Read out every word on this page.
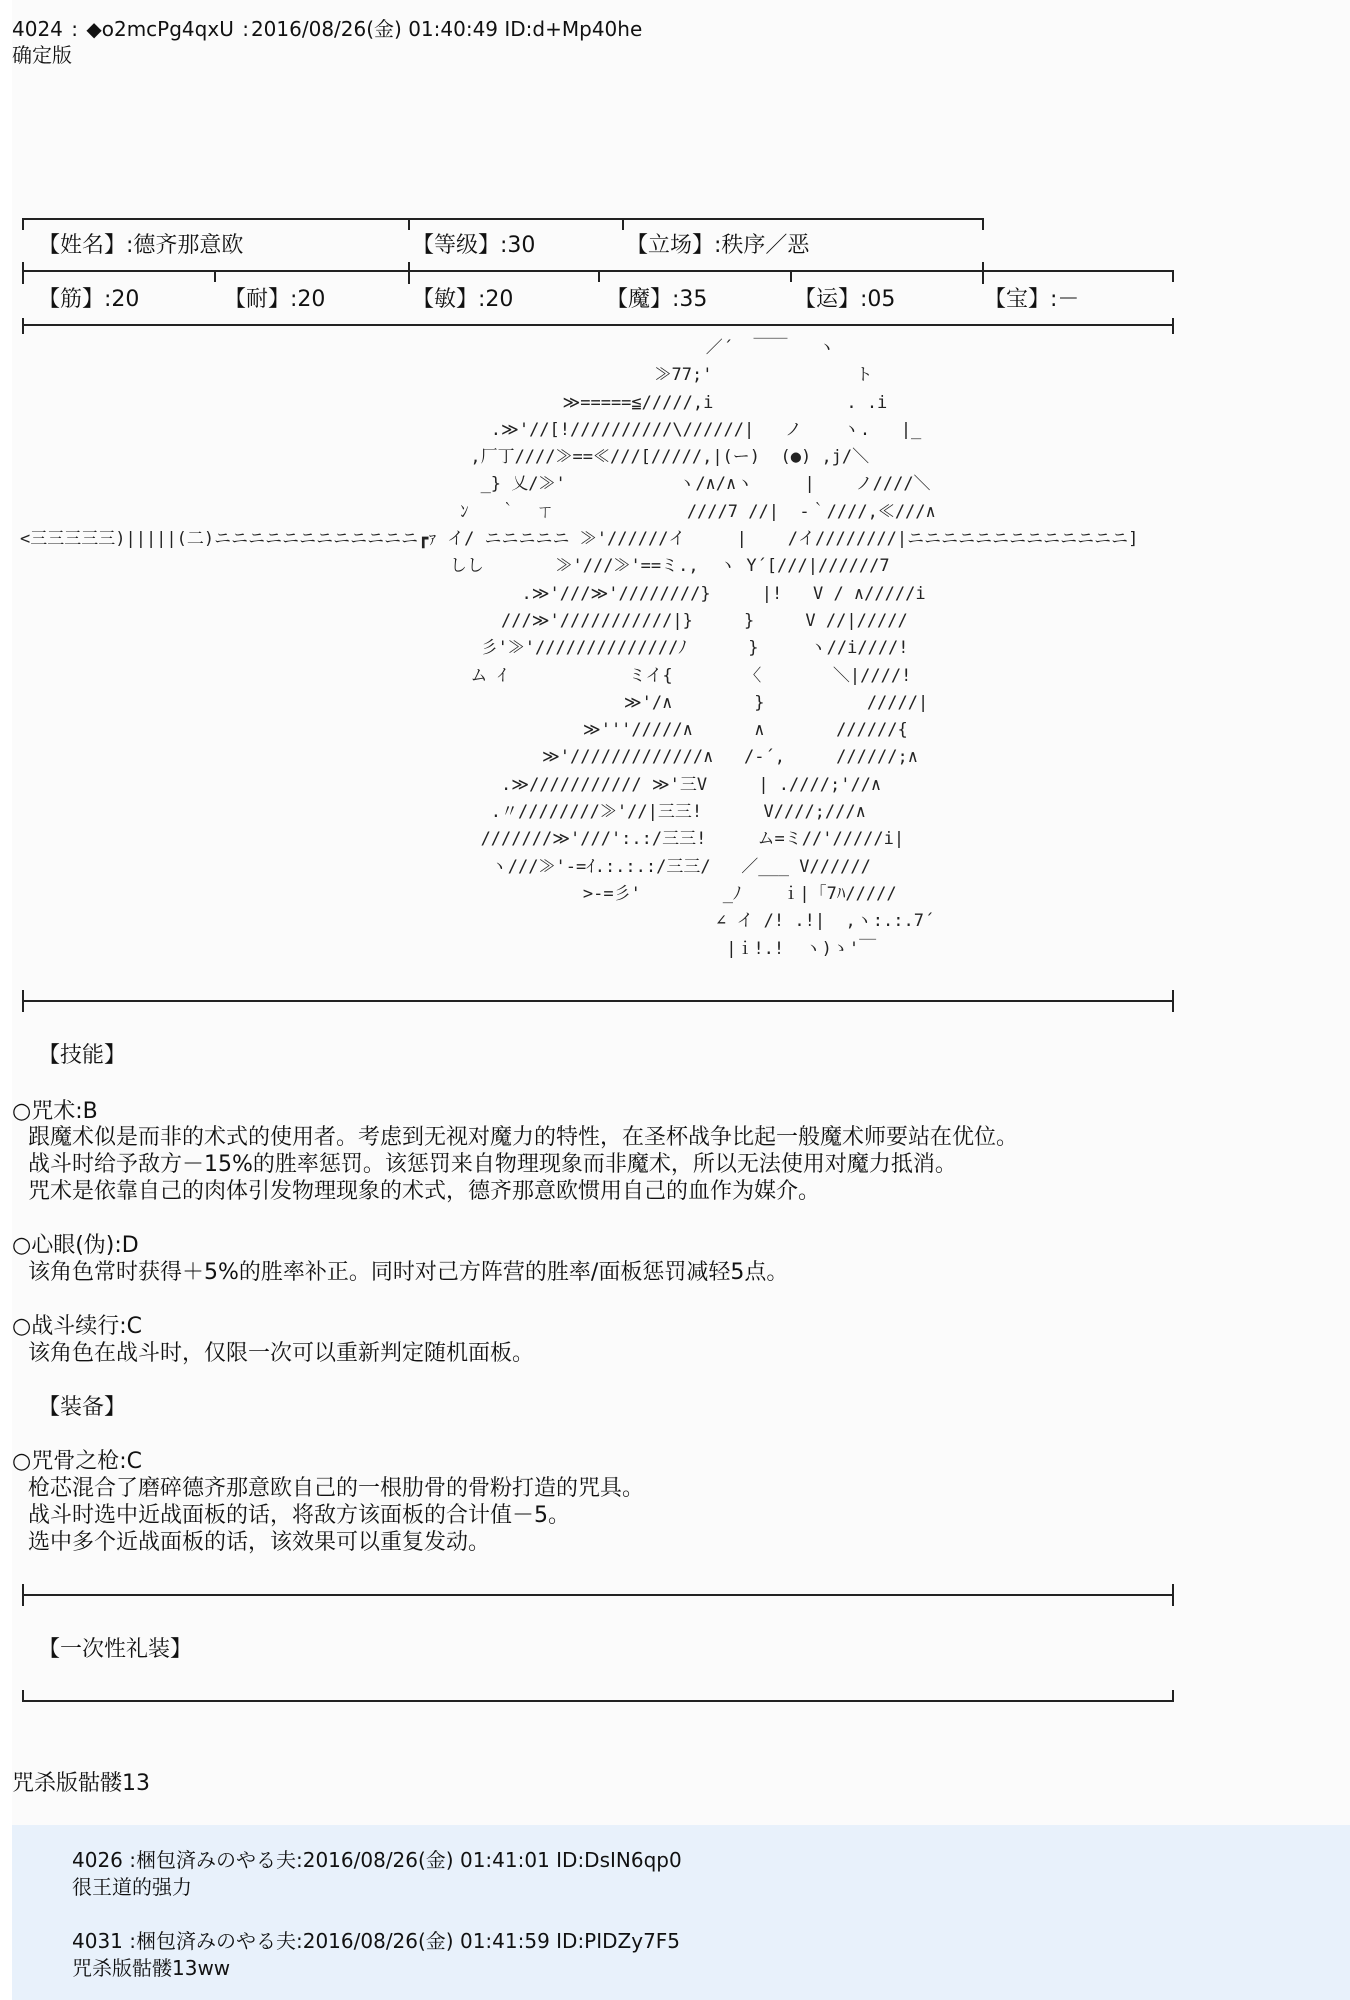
4024 : ◆o2mcPg4qxU : 2016/08/26(金) 01:40:49 ID:d+Mp40he
确定版
【姓名】:德齐那意欧	【等级】:30	【立场】:秩序／恶
【筋】:20	【耐】:20	【敏】:20	【魔】:35	【运】:05	【宝】:－
／´  ￣￣   ヽ
≫77;'              ト
≫=====≦/////,i             . .i
.≫'//[!//////////\//////|   ノ    ヽ.   |_
,厂丁////≫==≪///[/////,|(ー)  (●) ,j/＼
_} 乂/≫'           ヽ/∧/∧ヽ     |    ノ////＼
ﾝ   ｀  ㄒ             ////7 //|  -｀////,≪///∧
<三三三三三)|||||(二)ニニニニニニニニニニニニ┏ｧ イ/ ニニニニニ ≫'//////イ     |    /イ////////|ニニニニニニニニニニニニニ]
しし       ≫'///≫'==ミ.,  ヽ Y´[///|//////7
.≫'///≫'////////}     |!   V / ∧/////i
///≫'///////////|}     }     V //|/////
彡'≫'//////////////ﾉ      }     ヽ//i////!
ム ｲ            ミイ{       〈       ＼|////!
≫'/∧        }          /////|
≫'''/////∧      ∧       //////{
≫'/////////////∧   /-´,     //////;∧
.≫/////////// ≫'三V     | .////;'//∧
.〃////////≫'//|三三!      V////;///∧
///////≫'///':.:/三三!     ム=ミ//'/////i|
ヽ///≫'-=ｲ.:.:.:/三三/   ／___ V//////
>-=彡'        _ﾉ    ｉ|「7ﾊ/////
∠ イ /! .!|  ,ヽ:.:.7´
|ｉ!.!  ヽ)ゝ'￣
【技能】
○咒术:B
跟魔术似是而非的术式的使用者。考虑到无视对魔力的特性，在圣杯战争比起一般魔术师要站在优位。
战斗时给予敌方－15%的胜率惩罚。该惩罚来自物理现象而非魔术，所以无法使用对魔力抵消。
咒术是依靠自己的肉体引发物理现象的术式，德齐那意欧惯用自己的血作为媒介。
○心眼(伪):D
该角色常时获得＋5%的胜率补正。同时对己方阵营的胜率/面板惩罚减轻5点。
○战斗续行:C
该角色在战斗时，仅限一次可以重新判定随机面板。
【装备】
○咒骨之枪:C
枪芯混合了磨碎德齐那意欧自己的一根肋骨的骨粉打造的咒具。
战斗时选中近战面板的话，将敌方该面板的合计值－5。
选中多个近战面板的话，该效果可以重复发动。
【一次性礼装】
咒杀版骷髅13
4026 :梱包済みのやる夫:2016/08/26(金) 01:41:01 ID:DsIN6qp0
很王道的强力
4031 :梱包済みのやる夫:2016/08/26(金) 01:41:59 ID:PIDZy7F5
咒杀版骷髅13ww
